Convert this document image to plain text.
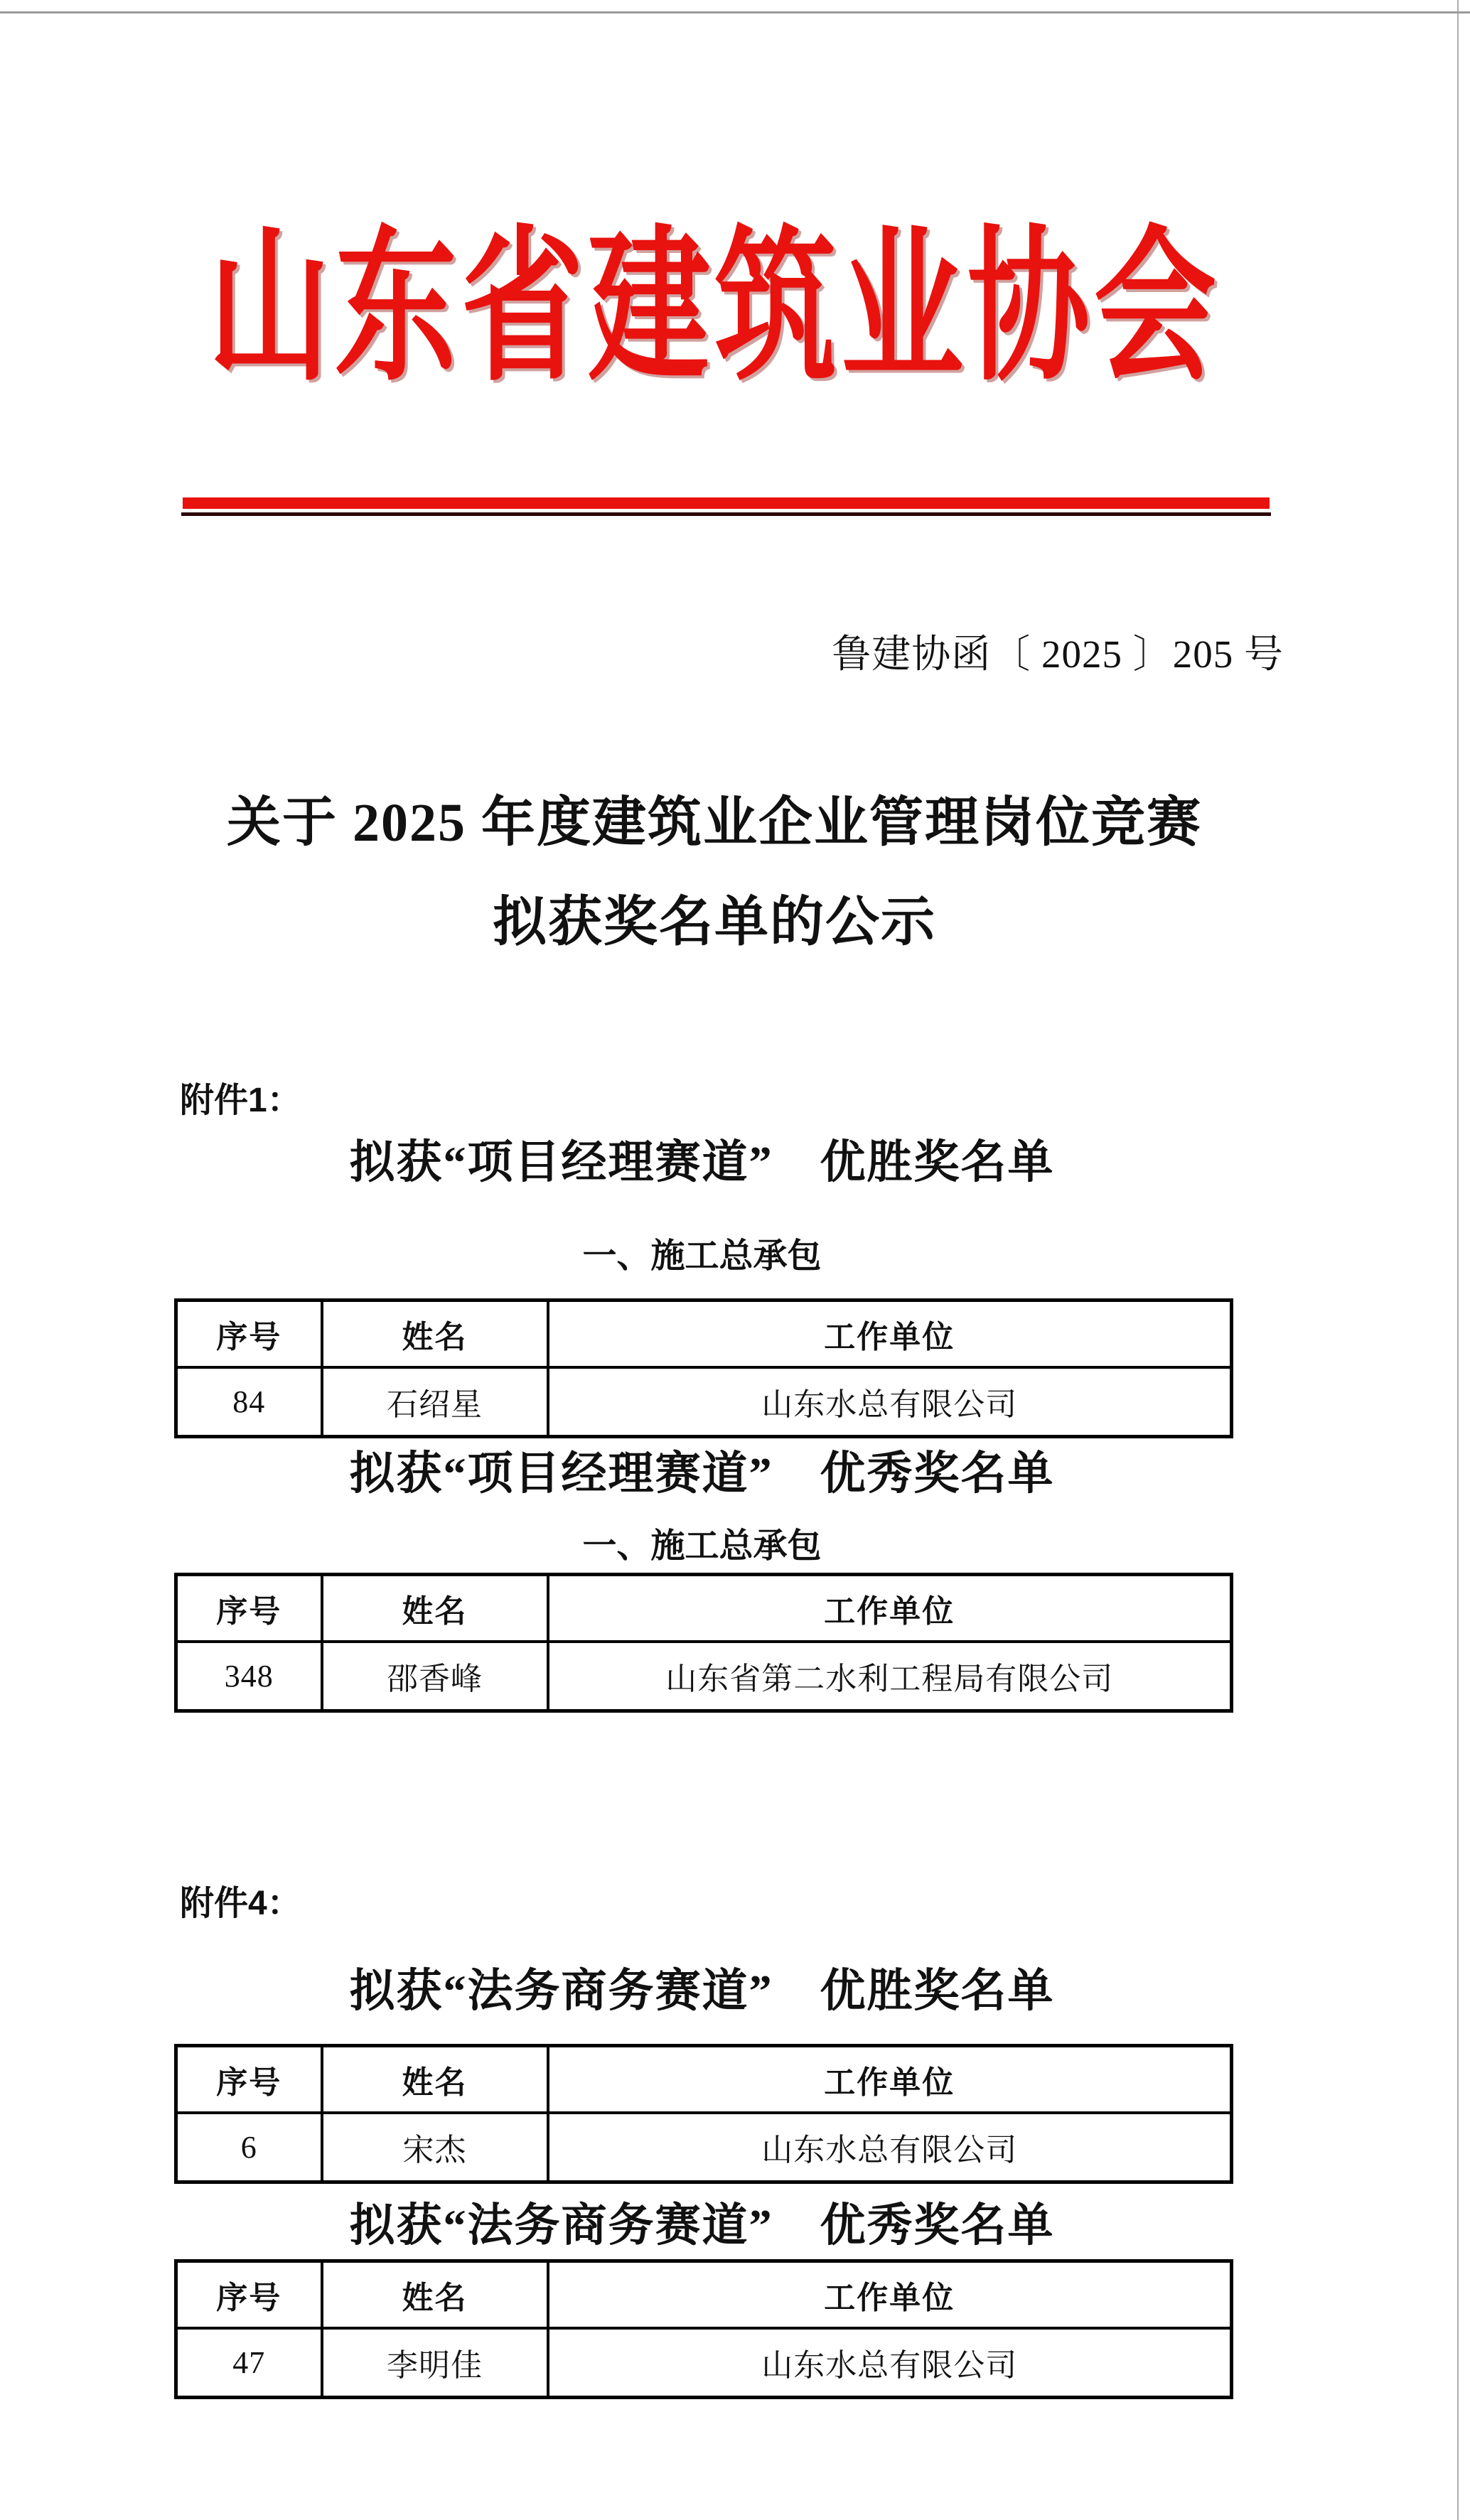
山东省建筑业协会
鲁建协函〔 2025 〕205 号
关于 2025 年度建筑业企业管理岗位竞赛
拟获奖名单的公示
附件1：
拟获“项目经理赛道”　优胜奖名单
一、施工总承包
序号	姓名	工作单位
84	石绍星	山东水总有限公司
拟获“项目经理赛道”　优秀奖名单
一、施工总承包
序号	姓名	工作单位
348	邵香峰	山东省第二水利工程局有限公司
附件4：
拟获“法务商务赛道”　优胜奖名单
序号	姓名	工作单位
6	宋杰	山东水总有限公司
拟获“法务商务赛道”　优秀奖名单
序号	姓名	工作单位
47	李明佳	山东水总有限公司
